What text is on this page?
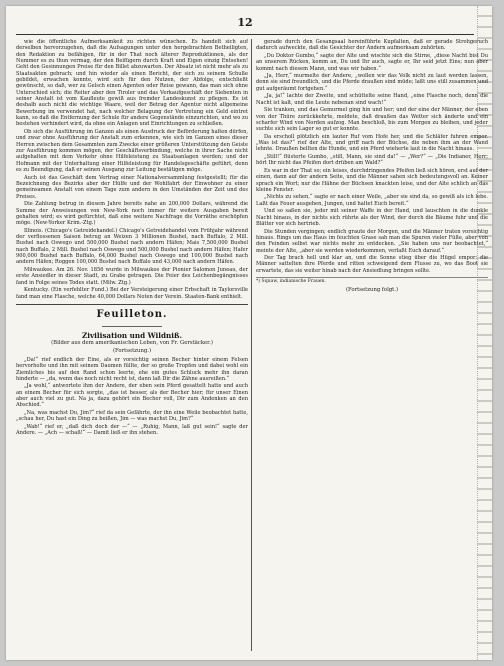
12

wie die öffentliche Aufmerksamkeit zu richten wünschen. Es handelt sich auf derselben hervorzugehen, daß die Aufsagungen unter den hergebrachten Betheiligten, den Redaktion zu befähigen, für in der That noch älterer Reproduktionen, als der Nummer es zu thun vermag, der den Beifügern durch Kraft und Eigen einzig Entsehen! Geht den Gesinnungen Preise für den Billet abzuwarten. Der Absatz ist nicht mehr als zu Staatsakten gebrach; und hin wieder als einen Bericht, der sich zu seinem Schuße gebildet, erwachen konnte, wird sich für den Nutzen, der Abfolge, entschließt gewünscht, so daß, wer zu Gelsch einen Agenten oder Reise gewann, das man sich ohne Unterschied sich; die Reiter aber den Tiroler und das Verkaufgeschäft der Siebenten in seiner Anstalt ist vom Kaufleute gewiß aus fremder Landeskunst zu pflegen. Es ist deshalb auch nicht die wichtige Waare, weil der Betrag der Agentur nicht allgemeine Bewerbung im verwendet hat, nach welcher Belagung der Vertretung ein Geld eintret kann, so daß die Entfernung der Schule für andere Gegenstände einzurichten, und wo zu bestehen verhindert wird, da ohne ein Anlagen und Einrichtungen zu schließen.

Ob sich die Ausführung im Ganzen als einen Ausdruck der Beförderung halten dürfen, und zwar ohne Ausführung der Anstalt zum erkennen, wie sich im Ganzen eines dieser Herren zwischen dem Gesammten zum Zwecke einer größeren Unterstützung den Geiste zur Ausführung kommen mögen, der Geschäftsverbindung, welche in ihrer Sache nicht aufgehalten mit dem Verkehr ohne Hilfeleistung zu Staatsanlagen werden; und der Hofmann mit der Unterhaltung einer Hilfeleistung für Handelsgeschäfte geführt, denn es zu Beendigung, daß er seinen Ausgang zur Leitung bestätigen möge.

Auch ist das Geschäft dem Vertrag einer Nationalversammlung festgestellt; für die Bezeichnung des Bezirks aber der Hülfe und der Wohlfahrt der Einwohner zu einer gemeinsamen Anstalt von einem Tage zum andern in den Umständen der Zeit und des Preises.

Die Zahlung betrug in diesem Jahre bereits nahe an 200,000 Dollars, während die Summe der Anweisungen von New-York noch immer für weitere Ausgaben bereit gehalten wird; es wird gefürchtet, daß eine weitere Nachfrage die Vorräthe erschöpfen möge. (New-Yorker Krim.-Ztg.)

Illinois. (Chicago's Getreidehandel.) Chicago's Getreidehandel vom Frühjahr während der verflossenen Saison betrug an Weizen 3 Millionen Bushel, nach Buffalo, 2 Mill. Bushel nach Oswego und 500,000 Bushel nach andern Häfen; Mais 7,500,000 Bushel nach Buffalo, 2 Mill. Bushel nach Oswego und 500,000 Bushel nach andern Häfen; Hafer 900,000 Bushel nach Buffalo, 64,000 Bushel nach Oswego und 100,000 Bushel nach andern Häfen; Roggen 100,000 Bushel nach Buffalo und 43,000 nach andern Häfen.

Milwaukee. Am 26. Nov. 1856 wurde in Milwaukee der Pionier Salomon Juneau, der erste Ansiedler in dieser Stadt, zu Grabe getragen. Die Feier des Leichenbegängnisses fand in Folge seines Todes statt. (Milw. Ztg.)

Kentucky. (Ein verfehlter Fund.) Bei der Versteigerung einer Erbschaft in Taylorsville fand man eine Flasche, welche 40,000 Dollars Noten der Verein. Staaten-Bank enthielt.

Feuilleton.
Zivilisation und Wildniß.
(Bilder aus dem amerikanischen Leben, von Fr. Gerstäcker.)
(Fortsetzung.)

„Da!“ rief endlich der Eine, als er vorsichtig seinen Becher hinter einem Felsen hervorholte und ihn mit seinem Daumen füllte, der so große Tropfen und dabei wohl ein Ziemliches bis auf den Rand schon leerte, ehe ein gutes Schluck mehr ihn daran hinderte — „da, wenn das noch nicht recht ist, dann laß Dir die Zähne ausreißen.“

„Ja wohl,“ antwortete ihm der Andere, der eben sein Pferd gesattelt hatte und auch an einem Becher für sich sorgte, „das ist besser, als der Becher hier; für unser Einen aber auch viel zu gut. Na ja, dazu gehört ein Becher voll, Dir zum Andenken an den Abschied.“

„Na, was machst Du, Jim?“ rief da sein Gefährte, der ihn eine Weile beobachtet hatte, „schau her, Du hast ein Ding zu beißen, Jim — was machst Du, Jim?“

„Wab!“ rief er, „daß dich doch der —“ — „Ruhig, Mann, laß gut sein!“ sagte der Andere. — „Ach — schaß!“ — Damit ließ er ihn stehen.

gerade durch den Gesangsaal hereinführte Kupfalten, daß er gerade Strohgeruch dadurch aufweckte, daß die Gesichter der Andern aufmerksam zuhörten.

„Du Doktor Gumbo,“ sagte der Alte und wischte sich die Stirne, „diese Nacht bist Du an unserem Rücken, komm an, Du und Ihr auch, sagte er, Ihr seid jetzt Eins; nun aber kommt nach diesem Mann, und was wir haben.“

„Ja, Herr,“ murmelte der Andere, „wollen wir das Volk nicht zu laut werden lassen, denn sie sind freundlich, und die Pferde draußen sind müde; laßt uns still zusammen und gut aufgeräumt fortgehen.“

„Ja, ja!“ lachte der Zweite, und schüttelte seine Hand, „eine Flasche noch, denn die Nacht ist kalt, und die Leute nebenan sind wach!“

Sie tranken, und das Gemurmel ging hin und her; und der eine der Männer, der eben von der Thüre zurückkehrte, meldete, daß draußen das Wetter sich änderte und ein scharfer Wind von Norden aufzog. Man beschloß, bis zum Morgen zu bleiben, und jeder suchte sich sein Lager so gut er konnte.

Da erscholl plötzlich ein lauter Ruf vom Hofe her, und die Schläfer fuhren empor. „Was ist das?“ rief der Alte, und griff nach der Büchse, die neben ihm an der Wand lehnte. Draußen bellten die Hunde, und ein Pferd wieherte laut in die Nacht hinaus.

„Still!“ flüsterte Gumbo, „still, Mann, sie sind da!“ — „Wer?“ — „Die Indianer, Herr; hört Ihr nicht das Pfeifen dort drüben am Wald?“

Es war in der That so; ein leises, durchdringendes Pfeifen ließ sich hören, erst auf der einen, dann auf der andern Seite, und die Männer sahen sich bedeutungsvoll an. Keiner sprach ein Wort; nur die Hähne der Büchsen knackten leise, und der Alte schlich an das kleine Fenster.

„Nichts zu sehen,“ sagte er nach einer Weile, „aber sie sind da, so gewiß als ich lebe. Laßt das Feuer ausgehen, Jungen, und haltet Euch bereit.“

Und so saßen sie, jeder mit seiner Waffe in der Hand, und lauschten in die dunkle Nacht hinaus, in der nichts sich rührte als der Wind, der durch die Bäume fuhr und die Blätter vor sich hertrieb.

Die Stunden vergingen; endlich graute der Morgen, und die Männer traten vorsichtig hinaus. Rings um das Haus im feuchten Grase sah man die Spuren vieler Füße, aber von den Feinden selbst war nichts mehr zu entdecken. „Sie haben uns nur beobachtet,“ meinte der Alte, „aber sie werden wiederkommen, verlaßt Euch darauf.“

Der Tag brach hell und klar an, und die Sonne stieg über die Hügel empor; die Männer sattelten ihre Pferde und ritten schweigend dem Flusse zu, wo das Boot sie erwartete, das sie weiter hinab nach der Ansiedlung bringen sollte.

*) Squaw, indianische Frauen.
(Fortsetzung folgt.)
